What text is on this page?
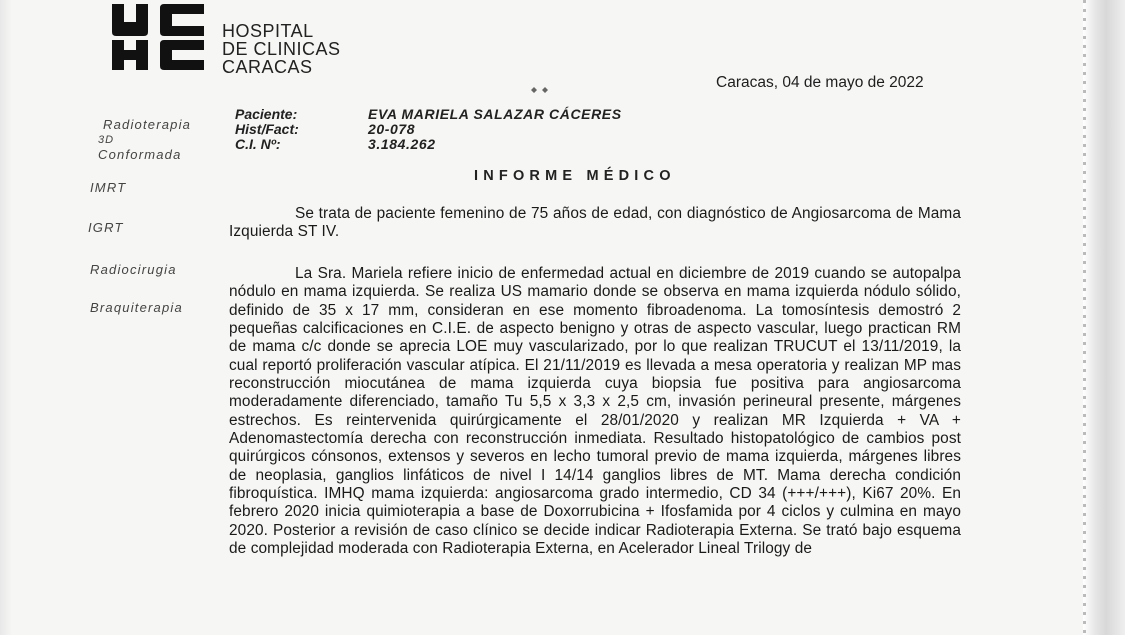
HOSPITAL
DE CLINICAS
CARACAS
Caracas, 04 de mayo de 2022
Radioterapia
3D
Conformada
IMRT
IGRT
Radiocirugia
Braquiterapia
Paciente:
Hist/Fact:
C.I. Nº:
EVA MARIELA SALAZAR CÁCERES
20-078
3.184.262
INFORME MÉDICO
Se trata de paciente femenino de 75 años de edad, con diagnóstico de Angiosarcoma de Mama Izquierda ST IV.
La Sra. Mariela refiere inicio de enfermedad actual en diciembre de 2019 cuando se autopalpa nódulo en mama izquierda. Se realiza US mamario donde se observa en mama izquierda nódulo sólido, definido de 35 x 17 mm, consideran en ese momento fibroadenoma. La tomosíntesis demostró 2 pequeñas calcificaciones en C.I.E. de aspecto benigno y otras de aspecto vascular, luego practican RM de mama c/c donde se aprecia LOE muy vascularizado, por lo que realizan TRUCUT el 13/11/2019, la cual reportó proliferación vascular atípica. El 21/11/2019 es llevada a mesa operatoria y realizan MP mas reconstrucción miocutánea de mama izquierda cuya biopsia fue positiva para angiosarcoma moderadamente diferenciado, tamaño Tu 5,5 x 3,3 x 2,5 cm, invasión perineural presente, márgenes estrechos. Es reintervenida quirúrgicamente el 28/01/2020 y realizan MR Izquierda + VA + Adenomastectomía derecha con reconstrucción inmediata. Resultado histopatológico de cambios post quirúrgicos cónsonos, extensos y severos en lecho tumoral previo de mama izquierda, márgenes libres de neoplasia, ganglios linfáticos de nivel I 14/14 ganglios libres de MT. Mama derecha condición fibroquística. IMHQ mama izquierda: angiosarcoma grado intermedio, CD 34 (+++/+++), Ki67 20%. En febrero 2020 inicia quimioterapia a base de Doxorrubicina + Ifosfamida por 4 ciclos y culmina en mayo 2020. Posterior a revisión de caso clínico se decide indicar Radioterapia Externa. Se trató bajo esquema de complejidad moderada con Radioterapia Externa, en Acelerador Lineal Trilogy de
